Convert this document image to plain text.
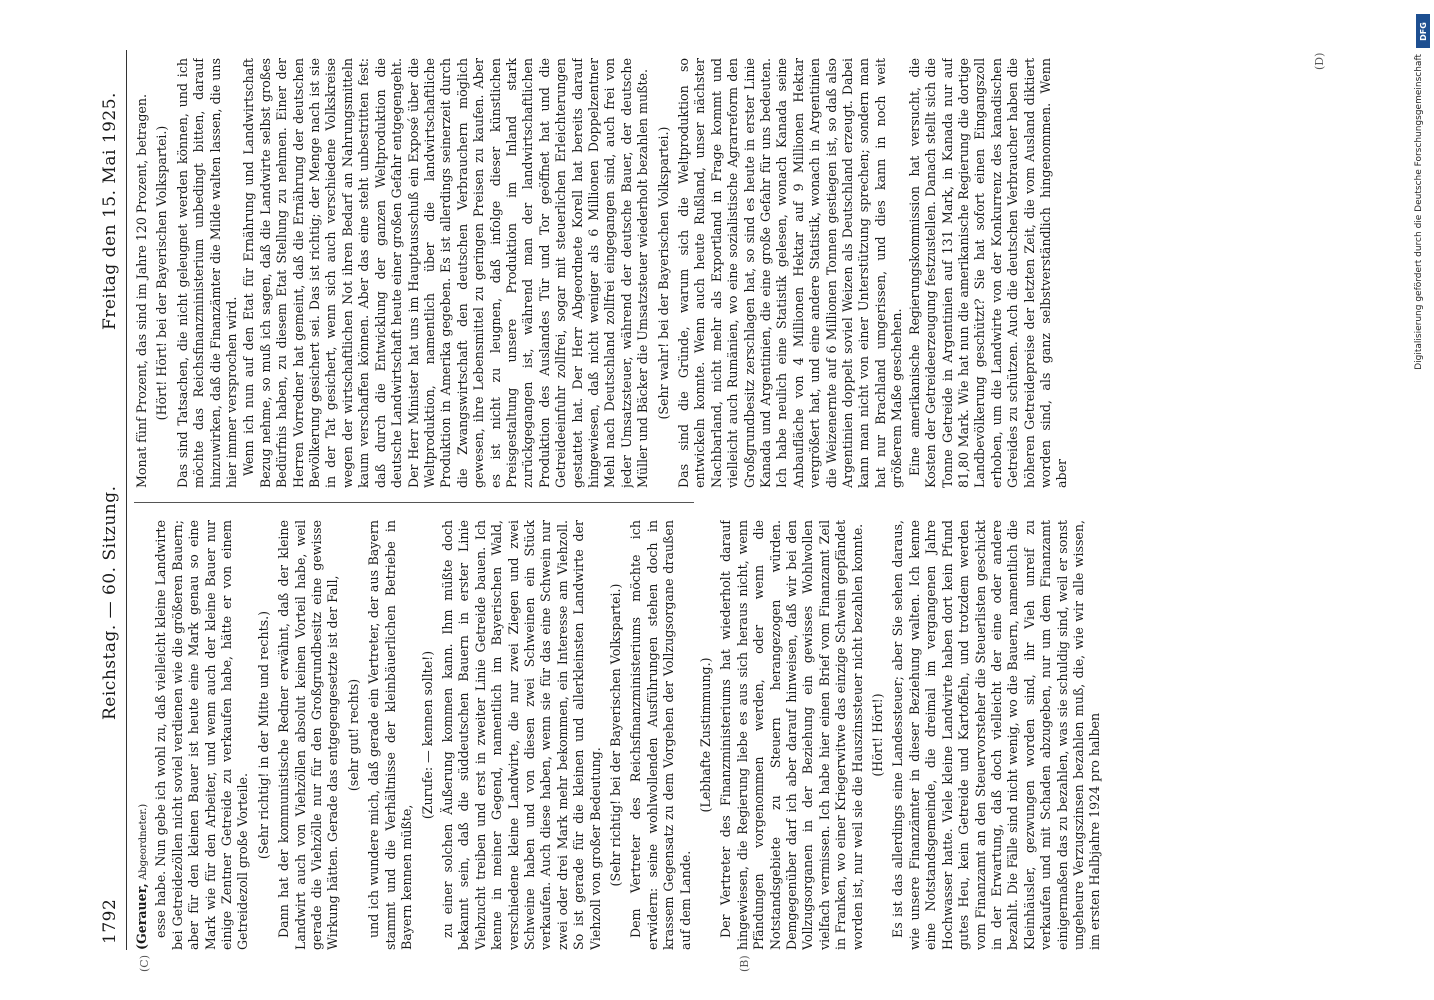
1792
Reichstag. — 60. Sitzung.
Freitag den 15. Mai 1925.

(Gerauer, Abgeordneter.) esse habe. Nun gebe ich wohl zu, daß vielleicht kleine Landwirte bei Getreidezöllen nicht soviel verdienen wie die größeren Bauern; aber für den kleinen Bauer ist heute eine Mark genau so eine Mark wie für den Arbeiter, und wenn auch der kleine Bauer nur einige Zentner Getreide zu verkaufen habe, hätte er von einem Getreidezoll große Vorteile.

(Sehr richtig! in der Mitte und rechts.) Dann hat der kommunistische Redner erwähnt, daß der kleine Landwirt auch von Viehzöllen absolut keinen Vorteil habe, weil gerade die Viehzölle nur für den Großgrundbesitz eine gewisse Wirkung hätten. Gerade das entgegengesetzte ist der Fall, (sehr gut! rechts) und ich wundere mich, daß gerade ein Vertreter, der aus Bayern stammt und die Verhältnisse der kleinbäuerlichen Betriebe in Bayern kennen müßte,

(Zurufe: — kennen sollte!) zu einer solchen Äußerung kommen kann. Ihm müßte doch bekannt sein, daß die süddeutschen Bauern in erster Linie Viehzucht treiben und erst in zweiter Linie Getreide bauen. Ich kenne in meiner Gegend, namentlich im Bayerischen Wald, verschiedene kleine Landwirte, die nur zwei Ziegen und zwei Schweine haben und von diesen zwei Schweinen ein Stück verkaufen. Auch diese haben, wenn sie für das eine Schwein nur zwei oder drei Mark mehr bekommen, ein Interesse am Viehzoll. So ist gerade für die kleinen und allerkleinsten Landwirte der Viehzoll von großer Bedeutung. (Sehr richtig! bei der Bayerischen Volkspartei.) Dem Vertreter des Reichsfinanzministeriums möchte ich erwidern: seine wohlwollenden Ausführungen stehen doch in krassem Gegensatz zu dem Vorgehen der Vollzugsorgane draußen auf dem Lande.

(Lebhafte Zustimmung.) Der Vertreter des Finanzministeriums hat wiederholt darauf hingewiesen, die Regierung liebe es aus sich heraus nicht, wenn Pfändungen vorgenommen werden, oder wenn die Notstandsgebiete zu Steuern herangezogen würden. Demgegenüber darf ich aber darauf hinweisen, daß wir bei den Vollzugsorganen in der Beziehung ein gewisses Wohlwollen vielfach vermissen. Ich habe hier einen Brief vom Finanzamt Zeil in Franken, wo einer Kriegerwitwe das einzige Schwein gepfändet worden ist, nur weil sie die Hauszinssteuer nicht bezahlen konnte. (Hört! Hört!) Es ist das allerdings eine Landessteuer; aber Sie sehen daraus, wie unsere Finanzämter in dieser Beziehung walten. Ich kenne eine Notstandsgemeinde, die dreimal im vergangenen Jahre Hochwasser hatte. Viele kleine Landwirte haben dort kein Pfund gutes Heu, kein Getreide und Kartoffeln, und trotzdem werden vom Finanzamt an den Steuervorsteher die Steuerlisten geschickt in der Erwartung, daß doch vielleicht der eine oder andere bezahlt. Die Fälle sind nicht wenig, wo die Bauern, namentlich die Kleinhäusler, gezwungen worden sind, ihr Vieh unreif zu verkaufen und mit Schaden abzugeben, nur um dem Finanzamt einigermaßen das zu bezahlen, was sie schuldig sind, weil er sonst ungeheure Verzugszinsen bezahlen muß, die, wie wir alle wissen, im ersten Halbjahre 1924 pro halben

Monat fünf Prozent, das sind im Jahre 120 Prozent, betragen. (Hört! Hört! bei der Bayerischen Volkspartei.) Das sind Tatsachen, die nicht geleugnet werden können, und ich möchte das Reichsfinanzministerium unbedingt bitten, darauf hinzuwirken, daß die Finanzämter die Milde walten lassen, die uns hier immer versprochen wird. Wenn ich nun auf den Etat für Ernährung und Landwirtschaft Bezug nehme, so muß ich sagen, daß die Landwirte selbst großes Bedürfnis haben, zu diesem Etat Stellung zu nehmen. Einer der Herren Vorredner hat gemeint, daß die Ernährung der deutschen Bevölkerung gesichert sei. Das ist richtig; der Menge nach ist sie in der Tat gesichert, wenn sich auch verschiedene Volkskreise wegen der wirtschaftlichen Not ihren Bedarf an Nahrungsmitteln kaum verschaffen können. Aber das eine steht unbestritten fest: daß durch die Entwicklung der ganzen Weltproduktion die deutsche Landwirtschaft heute einer großen Gefahr entgegengeht. Der Herr Minister hat uns im Hauptausschuß ein Exposé über die Weltproduktion, namentlich über die landwirtschaftliche Produktion in Amerika gegeben. Es ist allerdings seinerzeit durch die Zwangswirtschaft den deutschen Verbrauchern möglich gewesen, ihre Lebensmittel zu geringen Preisen zu kaufen. Aber es ist nicht zu leugnen, daß infolge dieser künstlichen Preisgestaltung unsere Produktion im Inland stark zurückgegangen ist, während man der landwirtschaftlichen Produktion des Auslandes Tür und Tor geöffnet hat und die Getreideeinfuhr zollfrei, sogar mit steuerlichen Erleichterungen gestattet hat. Der Herr Abgeordnete Korell hat bereits darauf hingewiesen, daß nicht weniger als 6 Millionen Doppelzentner Mehl nach Deutschland zollfrei eingegangen sind, auch frei von jeder Umsatzsteuer, während der deutsche Bauer, der deutsche Müller und Bäcker die Umsatzsteuer wiederholt bezahlen mußte. (Sehr wahr! bei der Bayerischen Volkspartei.) Das sind die Gründe, warum sich die Weltproduktion so entwickeln konnte. Wenn auch heute Rußland, unser nächster Nachbarland, nicht mehr als Exportland in Frage kommt und vielleicht auch Rumänien, wo eine sozialistische Agrarreform den Großgrundbesitz zerschlagen hat, so sind es heute in erster Linie Kanada und Argentinien, die eine große Gefahr für uns bedeuten. Ich habe neulich eine Statistik gelesen, wonach Kanada seine Anbaufläche von 4 Millionen Hektar auf 9 Millionen Hektar vergrößert hat, und eine andere Statistik, wonach in Argentinien die Weizenernte auf 6 Millionen Tonnen gestiegen ist, so daß also Argentinien doppelt soviel Weizen als Deutschland erzeugt. Dabei kann man nicht von einer Unterstützung sprechen; sondern man hat nur Brachland umgerissen, und dies kann in noch weit größerem Maße geschehen. Eine amerikanische Regierungskommission hat versucht, die Kosten der Getreideerzeugung festzustellen. Danach stellt sich die Tonne Getreide in Argentinien auf 131 Mark, in Kanada nur auf 81,80 Mark. Wie hat nun die amerikanische Regierung die dortige Landbevölkerung geschützt? Sie hat sofort einen Eingangszoll erhoben, um die Landwirte von der Konkurrenz des kanadischen Getreides zu schützen. Auch die deutschen Verbraucher haben die höheren Getreidepreise der letzten Zeit, die vom Ausland diktiert worden sind, als ganz selbstverständlich hingenommen. Wenn aber

(C)	(B)
(D)
DFG
Digitalisierung gefördert durch die Deutsche Forschungsgemeinschaft
